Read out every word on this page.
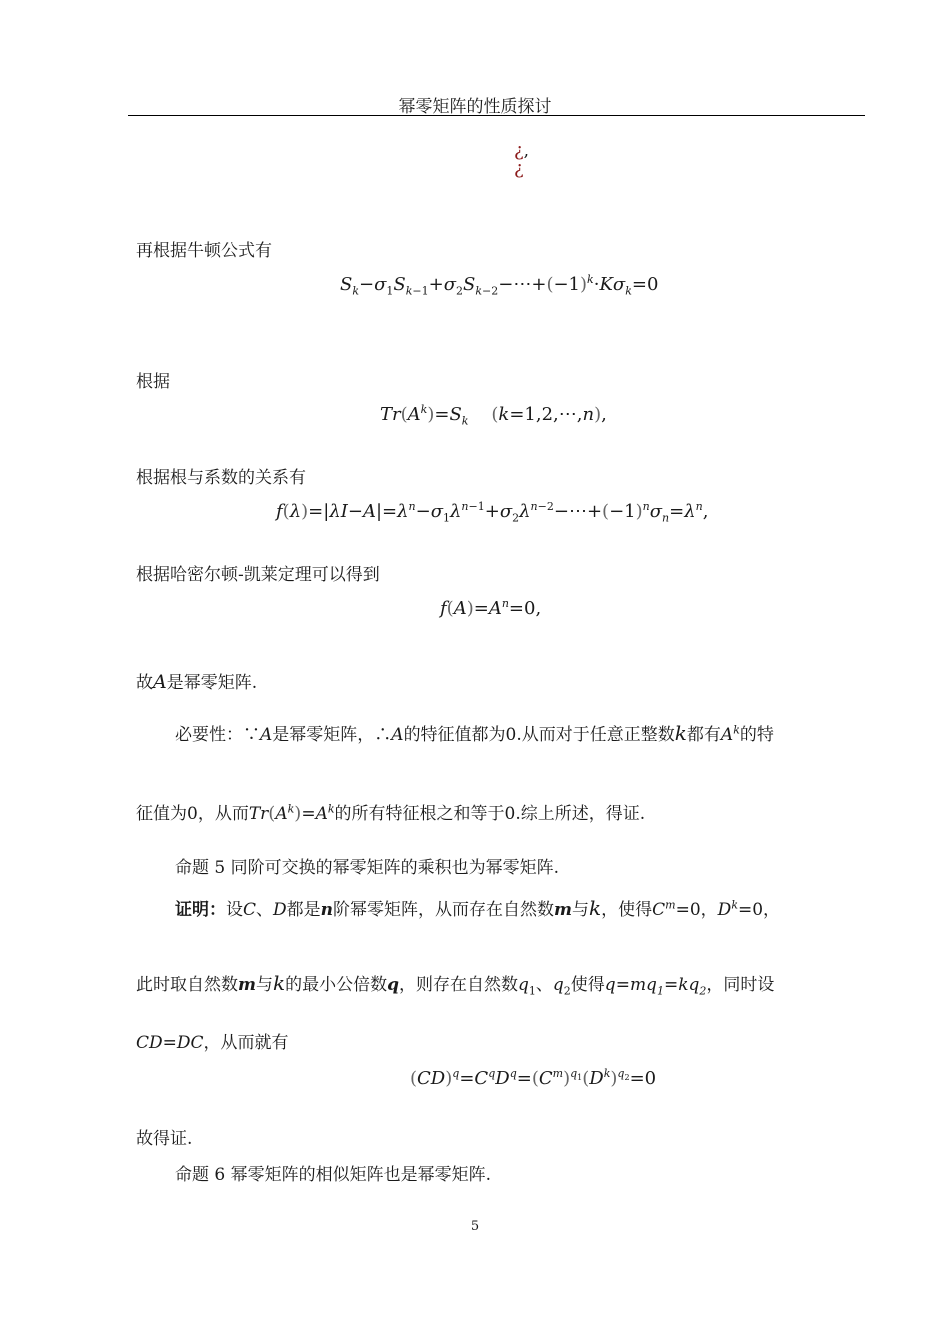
幂零矩阵的性质探讨
¿,
¿
再根据牛顿公式有
$S_k-\sigma_1S_{k-1}+\sigma_2S_{k-2}-\cdots+(-1)^k\cdot K\sigma_k=0$
根据
$Tr(A^k)=S_k$ (k=1,2,⋯,n),
根据根与系数的关系有
$f(\lambda)=|\lambda I-A|=\lambda^n-\sigma_1\lambda^{n-1}+\sigma_2\lambda^{n-2}-\cdots+(-1)^n\sigma_n=\lambda^n$,
根据哈密尔顿-凯莱定理可以得到
$f(A)=A^n=0$,
故A是幂零矩阵.
必要性：∵A是幂零矩阵，∴A的特征值都为0.从而对于任意正整数k都有$A^k$的特
征值为0，从而$Tr(A^k)=A^k$的所有特征根之和等于0.综上所述，得证.
命题 5 同阶可交换的幂零矩阵的乘积也为幂零矩阵.
证明：设C、D都是n阶幂零矩阵，从而存在自然数m与k，使得$C^m=0$，$D^k=0$，
此时取自然数m与k的最小公倍数q，则存在自然数$q_1$、$q_2$使得$q=mq_1=kq_2$，同时设
CD=DC，从而就有
$(CD)^q=C^qD^q=(C^m)^{q_1}(D^k)^{q_2}=0$
故得证.
命题 6 幂零矩阵的相似矩阵也是幂零矩阵.
5
